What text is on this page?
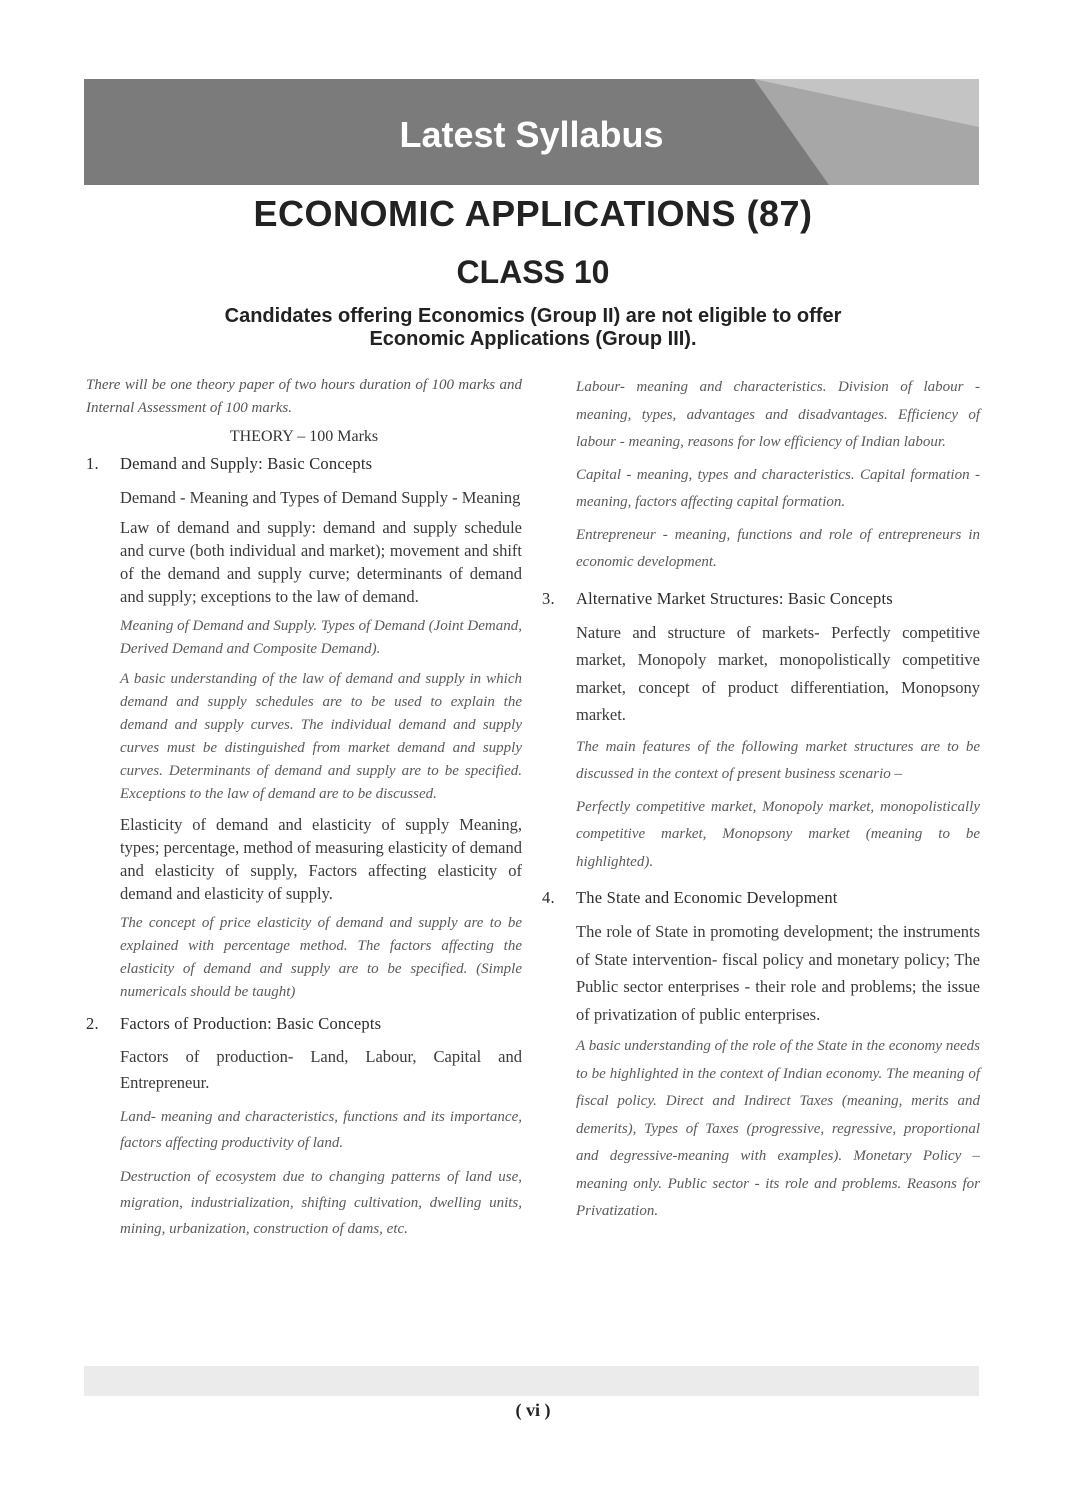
Latest Syllabus
ECONOMIC APPLICATIONS (87)
CLASS 10
Candidates offering Economics (Group II) are not eligible to offer
Economic Applications (Group III).

There will be one theory paper of two hours duration of 100 marks and Internal Assessment of 100 marks.

THEORY – 100 Marks

1.	Demand and Supply: Basic Concepts

Demand - Meaning and Types of Demand Supply - Meaning

Law of demand and supply: demand and supply schedule and curve (both individual and market); movement and shift of the demand and supply curve; determinants of demand and supply; exceptions to the law of demand.

Meaning of Demand and Supply. Types of Demand (Joint Demand, Derived Demand and Composite Demand).

A basic understanding of the law of demand and supply in which demand and supply schedules are to be used to explain the demand and supply curves. The individual demand and supply curves must be distinguished from market demand and supply curves. Determinants of demand and supply are to be specified. Exceptions to the law of demand are to be discussed.

Elasticity of demand and elasticity of supply Meaning, types; percentage, method of measuring elasticity of demand and elasticity of supply, Factors affecting elasticity of demand and elasticity of supply.

The concept of price elasticity of demand and supply are to be explained with percentage method. The factors affecting the elasticity of demand and supply are to be specified. (Simple numericals should be taught)

2.	Factors of Production: Basic Concepts

Factors of production- Land, Labour, Capital and Entrepreneur.

Land- meaning and characteristics, functions and its importance, factors affecting productivity of land.

Destruction of ecosystem due to changing patterns of land use, migration, industrialization, shifting cultivation, dwelling units, mining, urbanization, construction of dams, etc.

Labour- meaning and characteristics. Division of labour - meaning, types, advantages and disadvantages. Efficiency of labour - meaning, reasons for low efficiency of Indian labour.

Capital - meaning, types and characteristics. Capital formation - meaning, factors affecting capital formation.

Entrepreneur - meaning, functions and role of entrepreneurs in economic development.

3.	Alternative Market Structures: Basic Concepts

Nature and structure of markets- Perfectly competitive market, Monopoly market, monopolistically competitive market, concept of product differentiation, Monopsony market.

The main features of the following market structures are to be discussed in the context of present business scenario –

Perfectly competitive market, Monopoly market, monopolistically competitive market, Monopsony market (meaning to be highlighted).

4.	The State and Economic Development

The role of State in promoting development; the instruments of State intervention- fiscal policy and monetary policy; The Public sector enterprises - their role and problems; the issue of privatization of public enterprises.

A basic understanding of the role of the State in the economy needs to be highlighted in the context of Indian economy. The meaning of fiscal policy. Direct and Indirect Taxes (meaning, merits and demerits), Types of Taxes (progressive, regressive, proportional and degressive-meaning with examples). Monetary Policy – meaning only. Public sector - its role and problems. Reasons for Privatization.

( vi )
